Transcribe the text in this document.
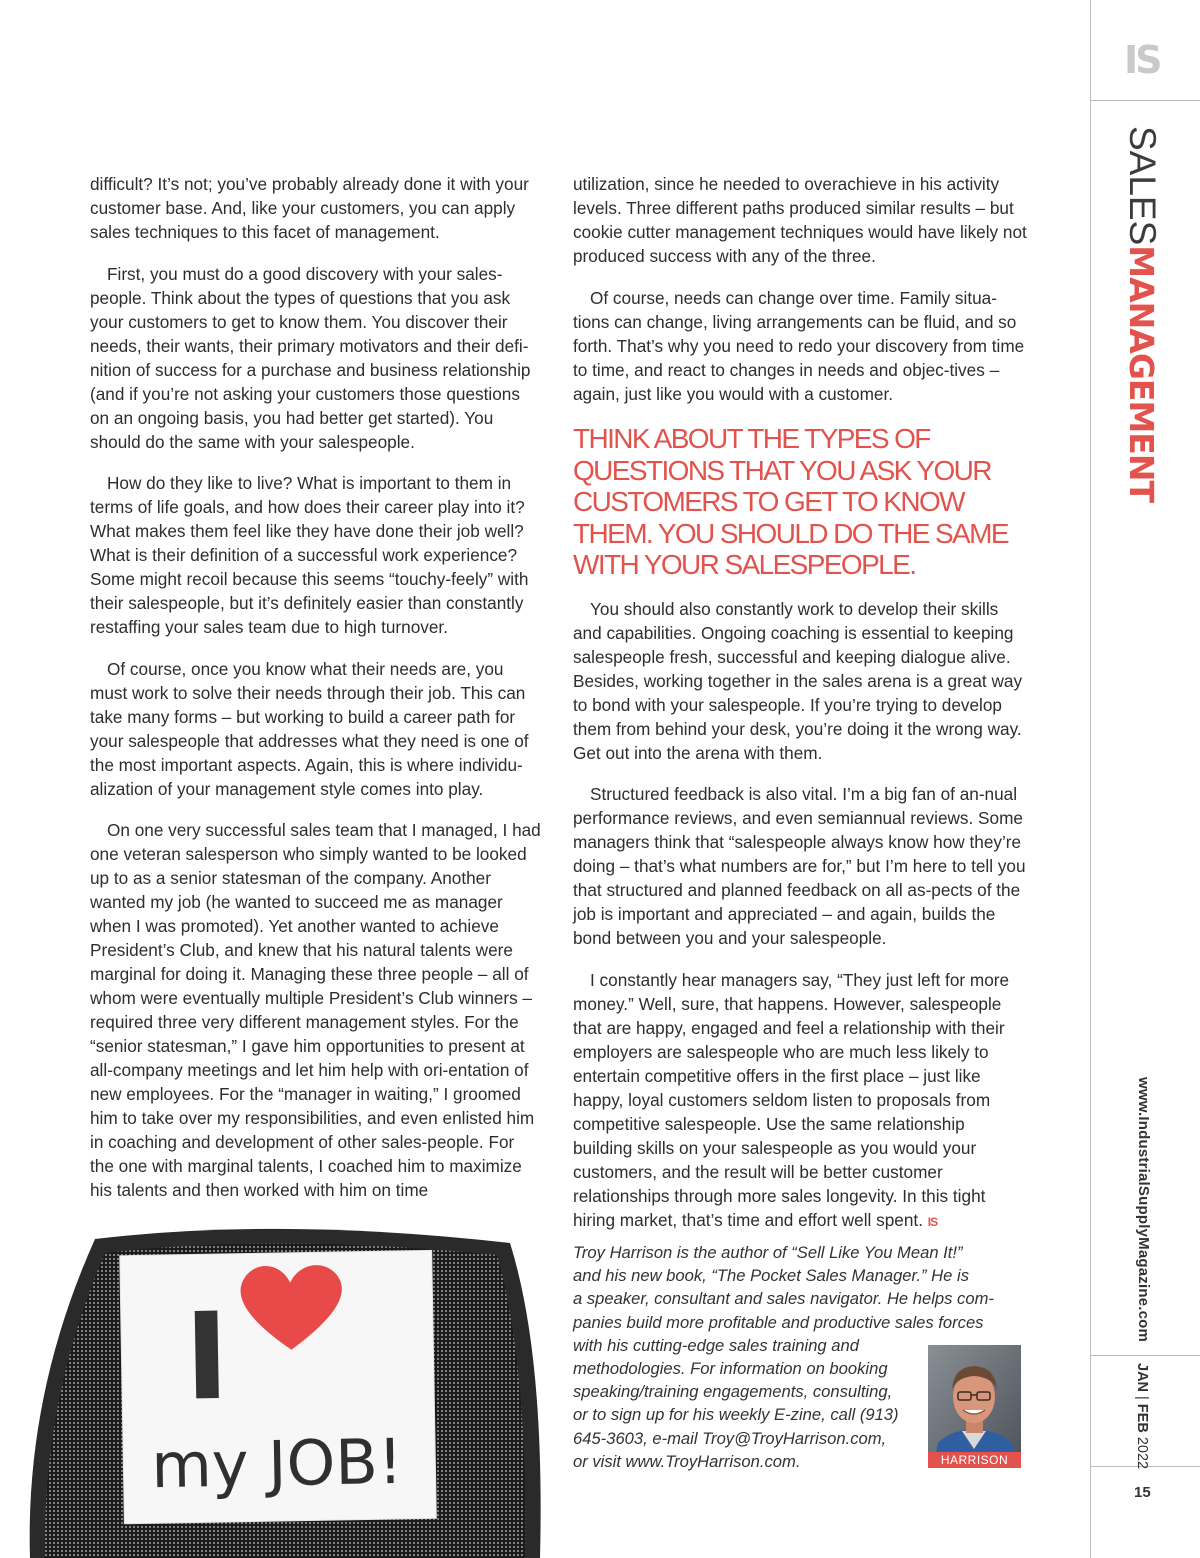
difficult? It’s not; you’ve probably already done it with your customer base. And, like your customers, you can apply sales techniques to this facet of management.

First, you must do a good discovery with your sales-people. Think about the types of questions that you ask your customers to get to know them. You discover their needs, their wants, their primary motivators and their defi-nition of success for a purchase and business relationship (and if you’re not asking your customers those questions on an ongoing basis, you had better get started). You should do the same with your salespeople.

How do they like to live? What is important to them in terms of life goals, and how does their career play into it? What makes them feel like they have done their job well? What is their definition of a successful work experience? Some might recoil because this seems “touchy-feely” with their salespeople, but it’s definitely easier than constantly restaffing your sales team due to high turnover.

Of course, once you know what their needs are, you must work to solve their needs through their job. This can take many forms – but working to build a career path for your salespeople that addresses what they need is one of the most important aspects. Again, this is where individu-alization of your management style comes into play.

On one very successful sales team that I managed, I had one veteran salesperson who simply wanted to be looked up to as a senior statesman of the company. Another wanted my job (he wanted to succeed me as manager when I was promoted). Yet another wanted to achieve President’s Club, and knew that his natural talents were marginal for doing it. Managing these three people – all of whom were eventually multiple President’s Club winners – required three very different management styles. For the “senior statesman,” I gave him opportunities to present at all-company meetings and let him help with ori-entation of new employees. For the “manager in waiting,” I groomed him to take over my responsibilities, and even enlisted him in coaching and development of other sales-people. For the one with marginal talents, I coached him to maximize his talents and then worked with him on time

utilization, since he needed to overachieve in his activity levels. Three different paths produced similar results – but cookie cutter management techniques would have likely not produced success with any of the three.

Of course, needs can change over time. Family situa-tions can change, living arrangements can be fluid, and so forth. That’s why you need to redo your discovery from time to time, and react to changes in needs and objec-tives – again, just like you would with a customer.

THINK ABOUT THE TYPES OF QUESTIONS THAT YOU ASK YOUR CUSTOMERS TO GET TO KNOW THEM. YOU SHOULD DO THE SAME WITH YOUR SALESPEOPLE.

You should also constantly work to develop their skills and capabilities. Ongoing coaching is essential to keeping salespeople fresh, successful and keeping dialogue alive. Besides, working together in the sales arena is a great way to bond with your salespeople. If you’re trying to develop them from behind your desk, you’re doing it the wrong way. Get out into the arena with them.

Structured feedback is also vital. I’m a big fan of an-nual performance reviews, and even semiannual reviews. Some managers think that “salespeople always know how they’re doing – that’s what numbers are for,” but I’m here to tell you that structured and planned feedback on all as-pects of the job is important and appreciated – and again, builds the bond between you and your salespeople.

I constantly hear managers say, “They just left for more money.” Well, sure, that happens. However, salespeople that are happy, engaged and feel a relationship with their employers are salespeople who are much less likely to entertain competitive offers in the first place – just like happy, loyal customers seldom listen to proposals from competitive salespeople. Use the same relationship building skills on your salespeople as you would your customers, and the result will be better customer relationships through more sales longevity. In this tight hiring market, that’s time and effort well spent. IS

Troy Harrison is the author of “Sell Like You Mean It!”
and his new book, “The Pocket Sales Manager.” He is
a speaker, consultant and sales navigator. He helps com-
panies build more profitable and productive sales forces
with his cutting-edge sales training and
methodologies. For information on booking
speaking/training engagements, consulting,
or to sign up for his weekly E-zine, call (913)
645-3603, e-mail Troy@TroyHarrison.com,
or visit www.TroyHarrison.com.	HARRISON
I
my JOB!
IS
SALESMANAGEMENT
www.IndustrialSupplyMagazine.com
JAN|FEB 2022
15
